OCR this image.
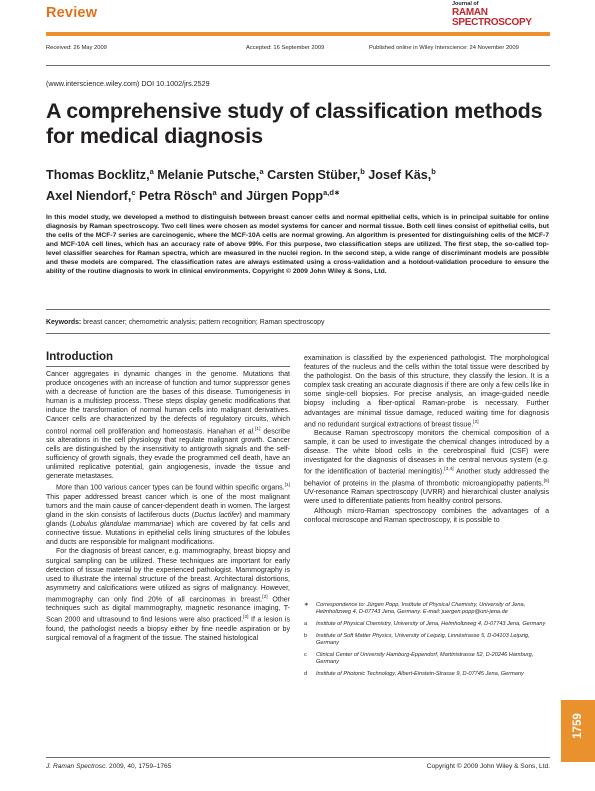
Review
Journal of
RAMAN
SPECTROSCOPY
Received: 26 May 2009	Accepted: 16 September 2009	Published online in Wiley Interscience: 24 November 2009
(www.interscience.wiley.com) DOI 10.1002/jrs.2529
A comprehensive study of classification methods for medical diagnosis
Thomas Bocklitz,$^a$ Melanie Putsche,$^a$ Carsten Stüber,$^b$ Josef Käs,$^b$
Axel Niendorf,$^c$ Petra Rösch$^a$ and Jürgen Popp$^{a,d∗}$
In this model study, we developed a method to distinguish between breast cancer cells and normal epithelial cells, which is in principal suitable for online diagnosis by Raman spectroscopy. Two cell lines were chosen as model systems for cancer and normal tissue. Both cell lines consist of epithelial cells, but the cells of the MCF-7 series are carcinogenic, where the MCF-10A cells are normal growing. An algorithm is presented for distinguishing cells of the MCF-7 and MCF-10A cell lines, which has an accuracy rate of above 99%. For this purpose, two classification steps are utilized. The first step, the so-called top-level classifier searches for Raman spectra, which are measured in the nuclei region. In the second step, a wide range of discriminant models are possible and these models are compared. The classification rates are always estimated using a cross-validation and a holdout-validation procedure to ensure the ability of the routine diagnosis to work in clinical environments. Copyright © 2009 John Wiley & Sons, Ltd.
Keywords: breast cancer; chemometric analysis; pattern recognition; Raman spectroscopy
Introduction

Cancer aggregates in dynamic changes in the genome. Mutations that produce oncogenes with an increase of function and tumor suppressor genes with a decrease of function are the bases of this disease. Tumorigenesis in human is a multistep process. These steps display genetic modifications that induce the transformation of normal human cells into malignant derivatives. Cancer cells are characterized by the defects of regulatory circuits, which control normal cell proliferation and homeostasis. Hanahan et al.[1] describe six alterations in the cell physiology that regulate malignant growth. Cancer cells are distinguished by the insensitivity to antigrowth signals and the self-sufficiency of growth signals, they evade the programmed cell death, have an unlimited replicative potential, gain angiogenesis, invade the tissue and generate metastases.

More than 100 various cancer types can be found within specific organs.[1] This paper addressed breast cancer which is one of the most malignant tumors and the main cause of cancer-dependent death in women. The largest gland in the skin consists of lactiferous ducts (Ductus lactifer) and mammary glands (Lobulus glandulae mammariae) which are covered by fat cells and connective tissue. Mutations in epithelial cells lining structures of the lobules and ducts are responsible for malignant modifications.

For the diagnosis of breast cancer, e.g. mammography, breast biopsy and surgical sampling can be utilized. These techniques are important for early detection of tissue material by the experienced pathologist. Mammography is used to illustrate the internal structure of the breast. Architectural distortions, asymmetry and calcifications were utilized as signs of malignancy. However, mammography can only find 20% of all carcinomas in breast.[2] Other techniques such as digital mammography, magnetic resonance imaging, T-Scan 2000 and ultrasound to find lesions were also practiced.[2] If a lesion is found, the pathologist needs a biopsy either by fine needle aspiration or by surgical removal of a fragment of the tissue. The stained histological

examination is classified by the experienced pathologist. The morphological features of the nucleus and the cells within the total tissue were described by the pathologist. On the basis of this structure, they classify the lesion. It is a complex task creating an accurate diagnosis if there are only a few cells like in some single-cell biopsies. For precise analysis, an image-guided needle biopsy including a fiber-optical Raman-probe is necessary. Further advantages are minimal tissue damage, reduced waiting time for diagnosis and no redundant surgical extractions of breast tissue.[2]

Because Raman spectroscopy monitors the chemical composition of a sample, it can be used to investigate the chemical changes introduced by a disease. The white blood cells in the cerebrospinal fluid (CSF) were investigated for the diagnosis of diseases in the central nervous system (e.g. for the identification of bacterial meningitis).[3,4] Another study addressed the behavior of proteins in the plasma of thrombotic microangiopathy patients.[5] UV-resonance Raman spectroscopy (UVRR) and hierarchical cluster analysis were used to differentiate patients from healthy control persons.

Although micro-Raman spectroscopy combines the advantages of a confocal microscope and Raman spectroscopy, it is possible to

∗	Correspondence to: Jürgen Popp, Institute of Physical Chemistry, University of Jena, Helmholtzweg 4, D-07743 Jena, Germany. E-mail: juergen.popp@uni-jena.de
a	Institute of Physical Chemistry, University of Jena, Helmholtzweg 4, D-07743 Jena, Germany
b	Institute of Soft Matter Physics, University of Leipzig, Linnéstrasse 5, D-04103 Leipzig, Germany
c	Clinical Center of University Hamburg-Eppendorf, Martinistrasse 52, D-20246 Hamburg, Germany
d	Institute of Photonic Technology, Albert-Einstein-Strasse 9, D-07745 Jena, Germany
J. Raman Spectrosc. 2009, 40, 1759–1765	Copyright © 2009 John Wiley & Sons, Ltd.
1759
